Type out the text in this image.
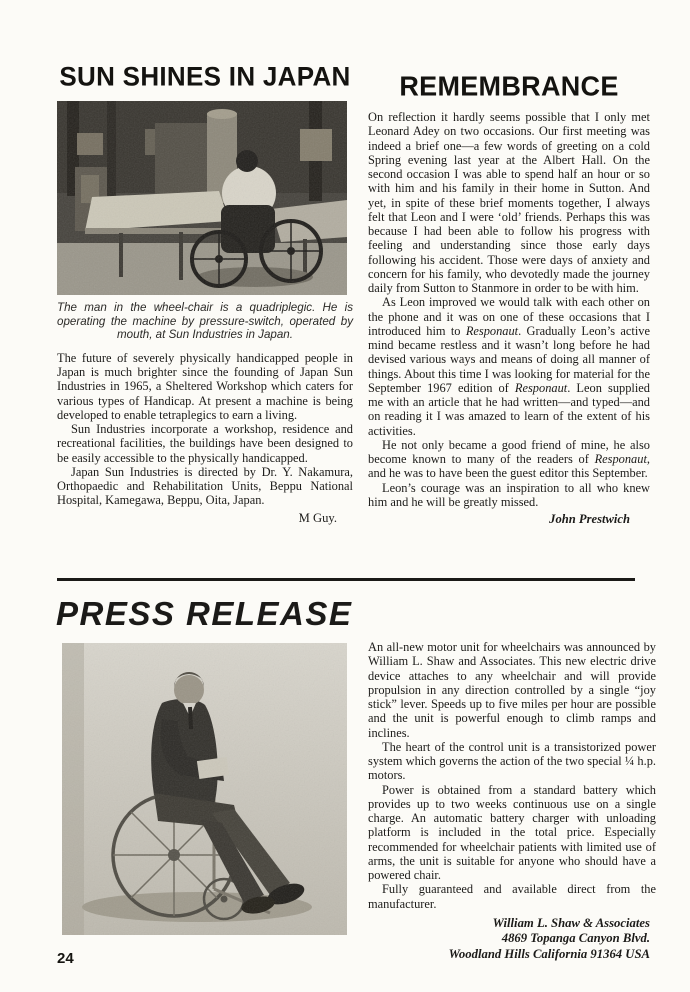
SUN SHINES IN JAPAN
The man in the wheel-chair is a quadriplegic. He is operating the machine by pressure-switch, operated by mouth, at Sun Industries in Japan.

The future of severely physically handicapped people in Japan is much brighter since the founding of Japan Sun Industries in 1965, a Sheltered Workshop which caters for various types of Handicap. At present a machine is being developed to enable tetraplegics to earn a living.

Sun Industries incorporate a workshop, residence and recreational facilities, the buildings have been designed to be easily accessible to the physically handicapped.

Japan Sun Industries is directed by Dr. Y. Nakamura, Orthopaedic and Rehabilitation Units, Beppu National Hospital, Kamegawa, Beppu, Oita, Japan.

M Guy.
REMEMBRANCE

On reflection it hardly seems possible that I only met Leonard Adey on two occasions. Our first meeting was indeed a brief one—a few words of greeting on a cold Spring evening last year at the Albert Hall. On the second occasion I was able to spend half an hour or so with him and his family in their home in Sutton. And yet, in spite of these brief moments together, I always felt that Leon and I were ‘old’ friends. Perhaps this was because I had been able to follow his progress with feeling and understanding since those early days following his accident. Those were days of anxiety and concern for his family, who devotedly made the journey daily from Sutton to Stanmore in order to be with him.

As Leon improved we would talk with each other on the phone and it was on one of these occasions that I introduced him to Responaut. Gradually Leon’s active mind became restless and it wasn’t long before he had devised various ways and means of doing all manner of things. About this time I was looking for material for the September 1967 edition of Responaut. Leon supplied me with an article that he had written—and typed—and on reading it I was amazed to learn of the extent of his activities.

He not only became a good friend of mine, he also become known to many of the readers of Responaut, and he was to have been the guest editor this September.

Leon’s courage was an inspiration to all who knew him and he will be greatly missed.

John Prestwich
PRESS RELEASE

An all-new motor unit for wheelchairs was announced by William L. Shaw and Associates. This new electric drive device attaches to any wheelchair and will provide propulsion in any direction controlled by a single “joy stick” lever. Speeds up to five miles per hour are possible and the unit is powerful enough to climb ramps and inclines.

The heart of the control unit is a transistorized power system which governs the action of the two special ¼ h.p. motors.

Power is obtained from a standard battery which provides up to two weeks continuous use on a single charge. An automatic battery charger with unloading platform is included in the total price. Especially recommended for wheelchair patients with limited use of arms, the unit is suitable for anyone who should have a powered chair.

Fully guaranteed and available direct from the manufacturer.

William L. Shaw & Associates
4869 Topanga Canyon Blvd.
Woodland Hills California 91364 USA
24
